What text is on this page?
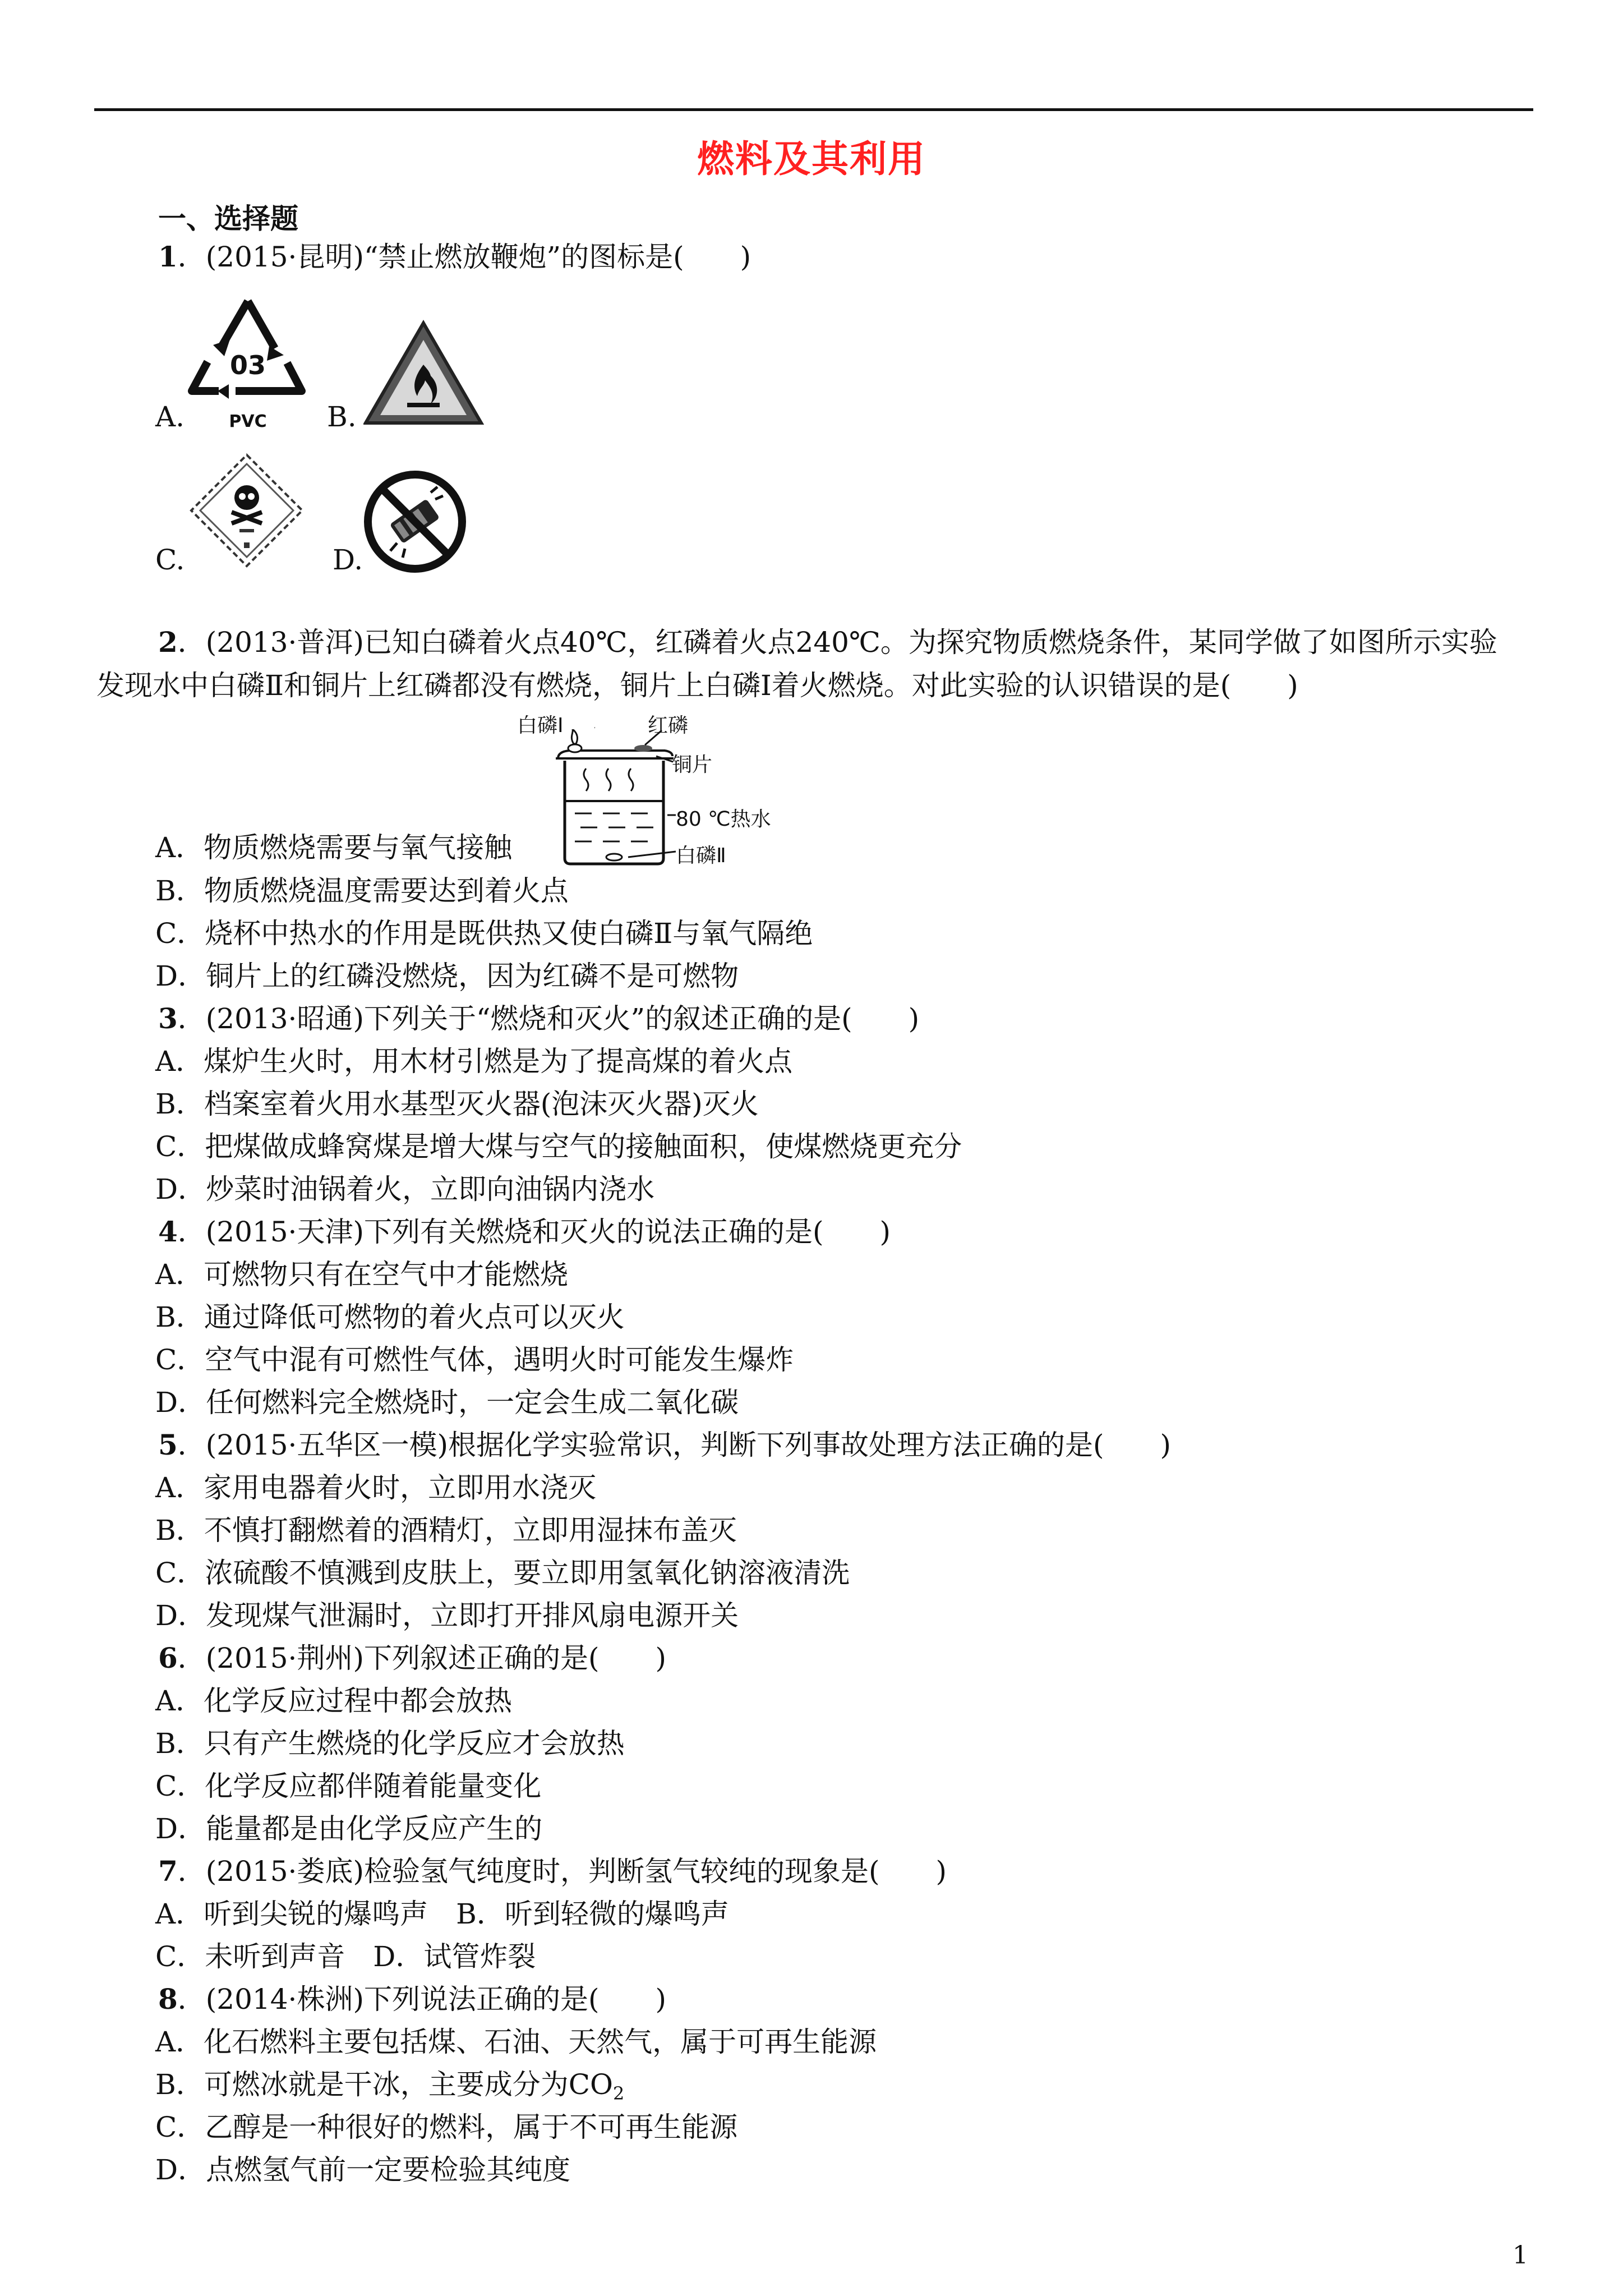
燃料及其利用
一、选择题
1．(2015·昆明)“禁止燃放鞭炮”的图标是(　　)
A.
03
PVC B.
C.	D.
2．(2013·普洱)已知白磷着火点40℃，红磷着火点240℃。为探究物质燃烧条件，某同学做了如图所示实验
发现水中白磷Ⅱ和铜片上红磷都没有燃烧，铜片上白磷Ⅰ着火燃烧。对此实验的认识错误的是(　　)
白磷Ⅰ	红磷
铜片
80 ℃热水
白磷Ⅱ
A．物质燃烧需要与氧气接触
B．物质燃烧温度需要达到着火点
C．烧杯中热水的作用是既供热又使白磷Ⅱ与氧气隔绝
D．铜片上的红磷没燃烧，因为红磷不是可燃物
3．(2013·昭通)下列关于“燃烧和灭火”的叙述正确的是(　　)
A．煤炉生火时，用木材引燃是为了提高煤的着火点
B．档案室着火用水基型灭火器(泡沫灭火器)灭火
C．把煤做成蜂窝煤是增大煤与空气的接触面积，使煤燃烧更充分
D．炒菜时油锅着火，立即向油锅内浇水
4．(2015·天津)下列有关燃烧和灭火的说法正确的是(　　)
A．可燃物只有在空气中才能燃烧
B．通过降低可燃物的着火点可以灭火
C．空气中混有可燃性气体，遇明火时可能发生爆炸
D．任何燃料完全燃烧时，一定会生成二氧化碳
5．(2015·五华区一模)根据化学实验常识，判断下列事故处理方法正确的是(　　)
A．家用电器着火时，立即用水浇灭
B．不慎打翻燃着的酒精灯，立即用湿抹布盖灭
C．浓硫酸不慎溅到皮肤上，要立即用氢氧化钠溶液清洗
D．发现煤气泄漏时，立即打开排风扇电源开关
6．(2015·荆州)下列叙述正确的是(　　)
A．化学反应过程中都会放热
B．只有产生燃烧的化学反应才会放热
C．化学反应都伴随着能量变化
D．能量都是由化学反应产生的
7．(2015·娄底)检验氢气纯度时，判断氢气较纯的现象是(　　)
A．听到尖锐的爆鸣声　B．听到轻微的爆鸣声
C．未听到声音　D．试管炸裂
8．(2014·株洲)下列说法正确的是(　　)
A．化石燃料主要包括煤、石油、天然气，属于可再生能源
B．可燃冰就是干冰，主要成分为$CO_2$
C．乙醇是一种很好的燃料，属于不可再生能源
D．点燃氢气前一定要检验其纯度
1
